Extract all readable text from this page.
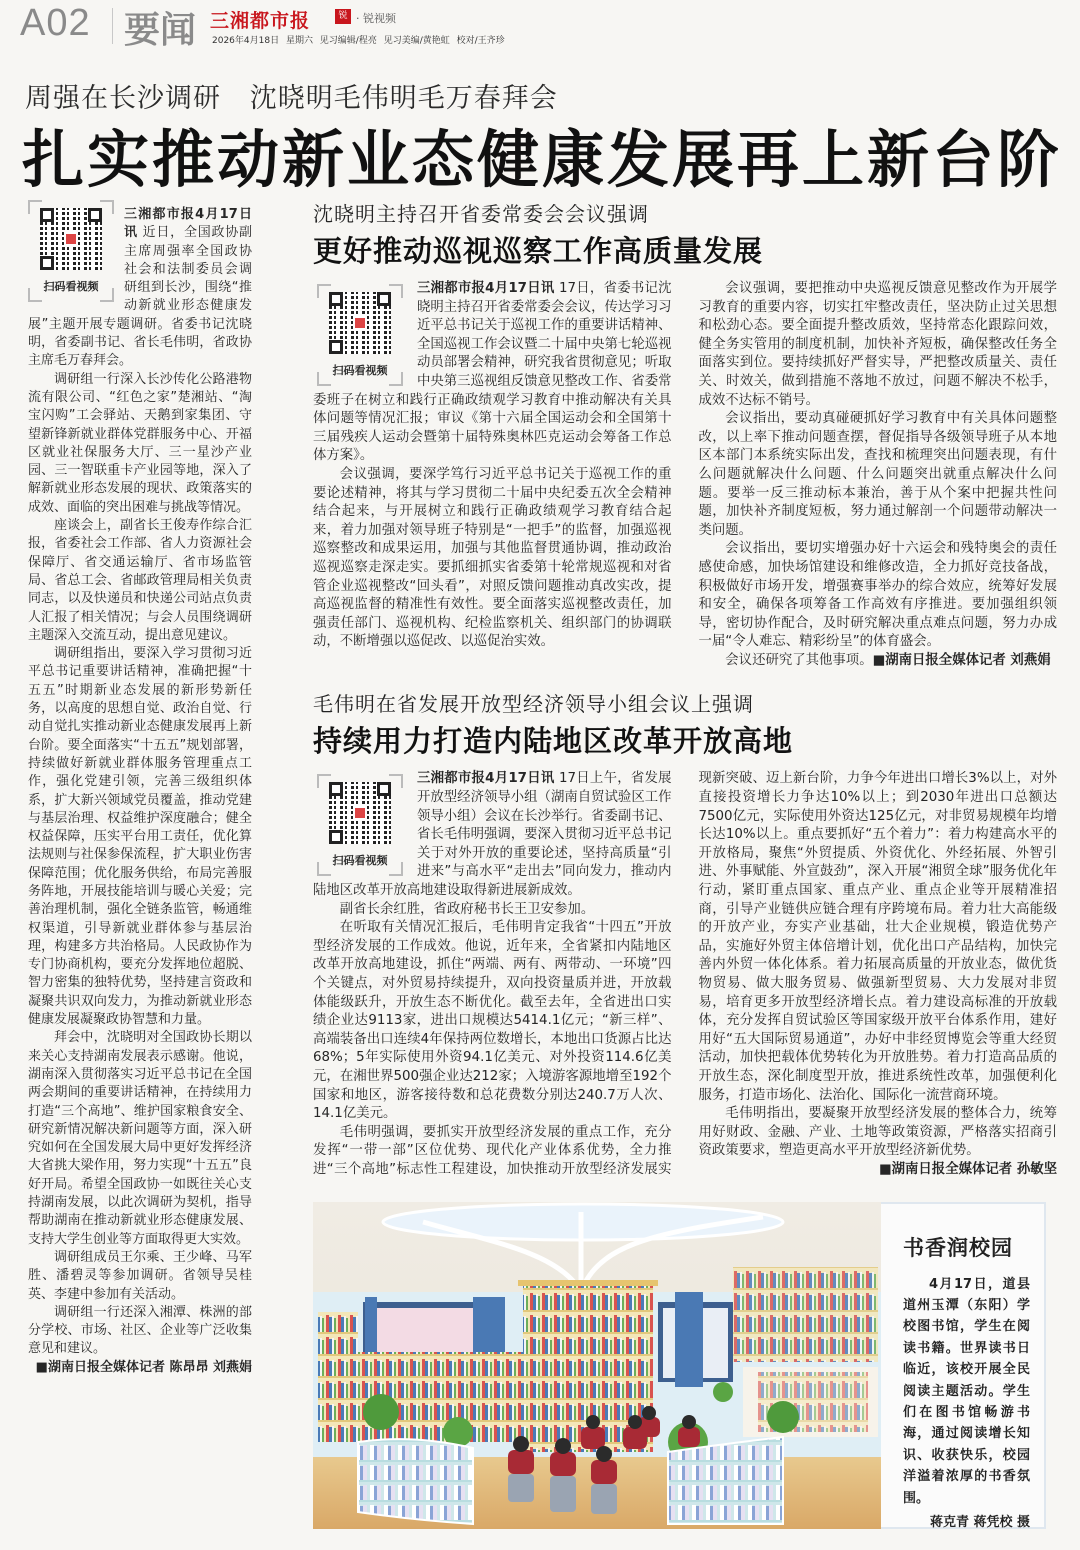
A02 要闻 三湘都市报	锐 · 锐视频
2026年4月18日 星期六 见习编辑/程亮 见习美编/黄艳虹 校对/王齐珍
周强在长沙调研   沈晓明毛伟明毛万春拜会
扎实推动新业态健康发展再上新台阶
扫码看视频

三湘都市报4月17日讯 近日，全国政协副主席周强率全国政协社会和法制委员会调研组到长沙，围绕“推动新就业形态健康发展”主题开展专题调研。省委书记沈晓明，省委副书记、省长毛伟明，省政协主席毛万春拜会。

调研组一行深入长沙传化公路港物流有限公司、“红色之家”楚湘站、“淘宝闪购”工会驿站、天鹅到家集团、守望新锋新就业群体党群服务中心、开福区就业社保服务大厅、三一星沙产业园、三一智联重卡产业园等地，深入了解新就业形态发展的现状、政策落实的成效、面临的突出困难与挑战等情况。

座谈会上，副省长王俊寿作综合汇报，省委社会工作部、省人力资源社会保障厅、省交通运输厅、省市场监管局、省总工会、省邮政管理局相关负责同志，以及快递员和快递公司站点负责人汇报了相关情况；与会人员围绕调研主题深入交流互动，提出意见建议。

调研组指出，要深入学习贯彻习近平总书记重要讲话精神，准确把握“十五五”时期新业态发展的新形势新任务，以高度的思想自觉、政治自觉、行动自觉扎实推动新业态健康发展再上新台阶。要全面落实“十五五”规划部署，持续做好新就业群体服务管理重点工作，强化党建引领，完善三级组织体系，扩大新兴领域党员覆盖，推动党建与基层治理、权益维护深度融合；健全权益保障，压实平台用工责任，优化算法规则与社保参保流程，扩大职业伤害保障范围；优化服务供给，布局完善服务阵地，开展技能培训与暖心关爱；完善治理机制，强化全链条监管，畅通维权渠道，引导新就业群体参与基层治理，构建多方共治格局。人民政协作为专门协商机构，要充分发挥地位超脱、智力密集的独特优势，坚持建言资政和凝聚共识双向发力，为推动新就业形态健康发展凝聚政协智慧和力量。

拜会中，沈晓明对全国政协长期以来关心支持湖南发展表示感谢。他说，湖南深入贯彻落实习近平总书记在全国两会期间的重要讲话精神，在持续用力打造“三个高地”、维护国家粮食安全、研究新情况解决新问题等方面，深入研究如何在全国发展大局中更好发挥经济大省挑大梁作用，努力实现“十五五”良好开局。希望全国政协一如既往关心支持湖南发展，以此次调研为契机，指导帮助湖南在推动新就业形态健康发展、支持大学生创业等方面取得更大实效。

调研组成员王尔乘、王少峰、马军胜、潘碧灵等参加调研。省领导吴桂英、李建中参加有关活动。

调研组一行还深入湘潭、株洲的部分学校、市场、社区、企业等广泛收集意见和建议。

■湖南日报全媒体记者 陈昂昂 刘燕娟

沈晓明主持召开省委常委会会议强调
更好推动巡视巡察工作高质量发展
扫码看视频

三湘都市报4月17日讯 17日，省委书记沈晓明主持召开省委常委会会议，传达学习习近平总书记关于巡视工作的重要讲话精神、全国巡视工作会议暨二十届中央第七轮巡视动员部署会精神，研究我省贯彻意见；听取中央第三巡视组反馈意见整改工作、省委常委班子在树立和践行正确政绩观学习教育中推动解决有关具体问题等情况汇报；审议《第十六届全国运动会和全国第十三届残疾人运动会暨第十届特殊奥林匹克运动会筹备工作总体方案》。

会议强调，要深学笃行习近平总书记关于巡视工作的重要论述精神，将其与学习贯彻二十届中央纪委五次全会精神结合起来，与开展树立和践行正确政绩观学习教育结合起来，着力加强对领导班子特别是“一把手”的监督，加强巡视巡察整改和成果运用，加强与其他监督贯通协调，推动政治巡视巡察走深走实。要抓细抓实省委第十轮常规巡视和对省管企业巡视整改“回头看”，对照反馈问题推动真改实改，提高巡视监督的精准性有效性。要全面落实巡视整改责任，加强责任部门、巡视机构、纪检监察机关、组织部门的协调联动，不断增强以巡促改、以巡促治实效。

会议强调，要把推动中央巡视反馈意见整改作为开展学习教育的重要内容，切实扛牢整改责任，坚决防止过关思想和松劲心态。要全面提升整改质效，坚持常态化跟踪问效，健全务实管用的制度机制，加快补齐短板，确保整改任务全面落实到位。要持续抓好严督实导，严把整改质量关、责任关、时效关，做到措施不落地不放过，问题不解决不松手，成效不达标不销号。

会议指出，要动真碰硬抓好学习教育中有关具体问题整改，以上率下推动问题查摆，督促指导各级领导班子从本地区本部门本系统实际出发，查找和梳理突出问题表现，有什么问题就解决什么问题、什么问题突出就重点解决什么问题。要举一反三推动标本兼治，善于从个案中把握共性问题，加快补齐制度短板，努力通过解剖一个问题带动解决一类问题。

会议指出，要切实增强办好十六运会和残特奥会的责任感使命感，加快场馆建设和维修改造，全力抓好竞技备战，积极做好市场开发，增强赛事举办的综合效应，统筹好发展和安全，确保各项筹备工作高效有序推进。要加强组织领导，密切协作配合，及时研究解决重点难点问题，努力办成一届“令人难忘、精彩纷呈”的体育盛会。

会议还研究了其他事项。■湖南日报全媒体记者 刘燕娟

毛伟明在省发展开放型经济领导小组会议上强调
持续用力打造内陆地区改革开放高地
扫码看视频

三湘都市报4月17日讯 17日上午，省发展开放型经济领导小组（湖南自贸试验区工作领导小组）会议在长沙举行。省委副书记、省长毛伟明强调，要深入贯彻习近平总书记关于对外开放的重要论述，坚持高质量“引进来”与高水平“走出去”同向发力，推动内陆地区改革开放高地建设取得新进展新成效。

副省长余红胜，省政府秘书长王卫安参加。

在听取有关情况汇报后，毛伟明肯定我省“十四五”开放型经济发展的工作成效。他说，近年来，全省紧扣内陆地区改革开放高地建设，抓住“两端、两有、两带动、一环境”四个关键点，对外贸易持续提升，双向投资量质并进，开放载体能级跃升，开放生态不断优化。截至去年，全省进出口实绩企业达9113家，进出口规模达5414.1亿元；“新三样”、高端装备出口连续4年保持两位数增长，本地出口货源占比达68%；5年实际使用外资94.1亿美元、对外投资114.6亿美元，在湘世界500强企业达212家；入境游客源地增至192个国家和地区，游客接待数和总花费数分别达240.7万人次、14.1亿美元。

毛伟明强调，要抓实开放型经济发展的重点工作，充分发挥“一带一部”区位优势、现代化产业体系优势，全力推进“三个高地”标志性工程建设，加快推动开放型经济发展实现新突破、迈上新台阶，力争今年进出口增长3%以上，对外直接投资增长力争达10%以上；到2030年进出口总额达7500亿元，实际使用外资达125亿元，对非贸易规模年均增长达10%以上。重点要抓好“五个着力”：着力构建高水平的开放格局，聚焦“外贸提质、外资优化、外经拓展、外智引进、外事赋能、外宣鼓劲”，深入开展“湘贸全球”服务优化年行动，紧盯重点国家、重点产业、重点企业等开展精准招商，引导产业链供应链合理有序跨境布局。着力壮大高能级的开放产业，夯实产业基础，壮大企业规模，锻造优势产品，实施好外贸主体倍增计划，优化出口产品结构，加快完善内外贸一体化体系。着力拓展高质量的开放业态，做优货物贸易、做大服务贸易、做强新型贸易、大力发展对非贸易，培育更多开放型经济增长点。着力建设高标准的开放载体，充分发挥自贸试验区等国家级开放平台体系作用，建好用好“五大国际贸易通道”，办好中非经贸博览会等重大经贸活动，加快把载体优势转化为开放胜势。着力打造高品质的开放生态，深化制度型开放，推进系统性改革，加强便利化服务，打造市场化、法治化、国际化一流营商环境。

毛伟明指出，要凝聚开放型经济发展的整体合力，统筹用好财政、金融、产业、土地等政策资源，严格落实招商引资政策要求，塑造更高水平开放型经济新优势。

■湖南日报全媒体记者 孙敏坚

书香润校园
4月17日，道县道州玉潭（东阳）学校图书馆，学生在阅读书籍。世界读书日临近，该校开展全民阅读主题活动。学生们在图书馆畅游书海，通过阅读增长知识、收获快乐，校园洋溢着浓厚的书香氛围。
蒋克青 蒋凭校 摄
